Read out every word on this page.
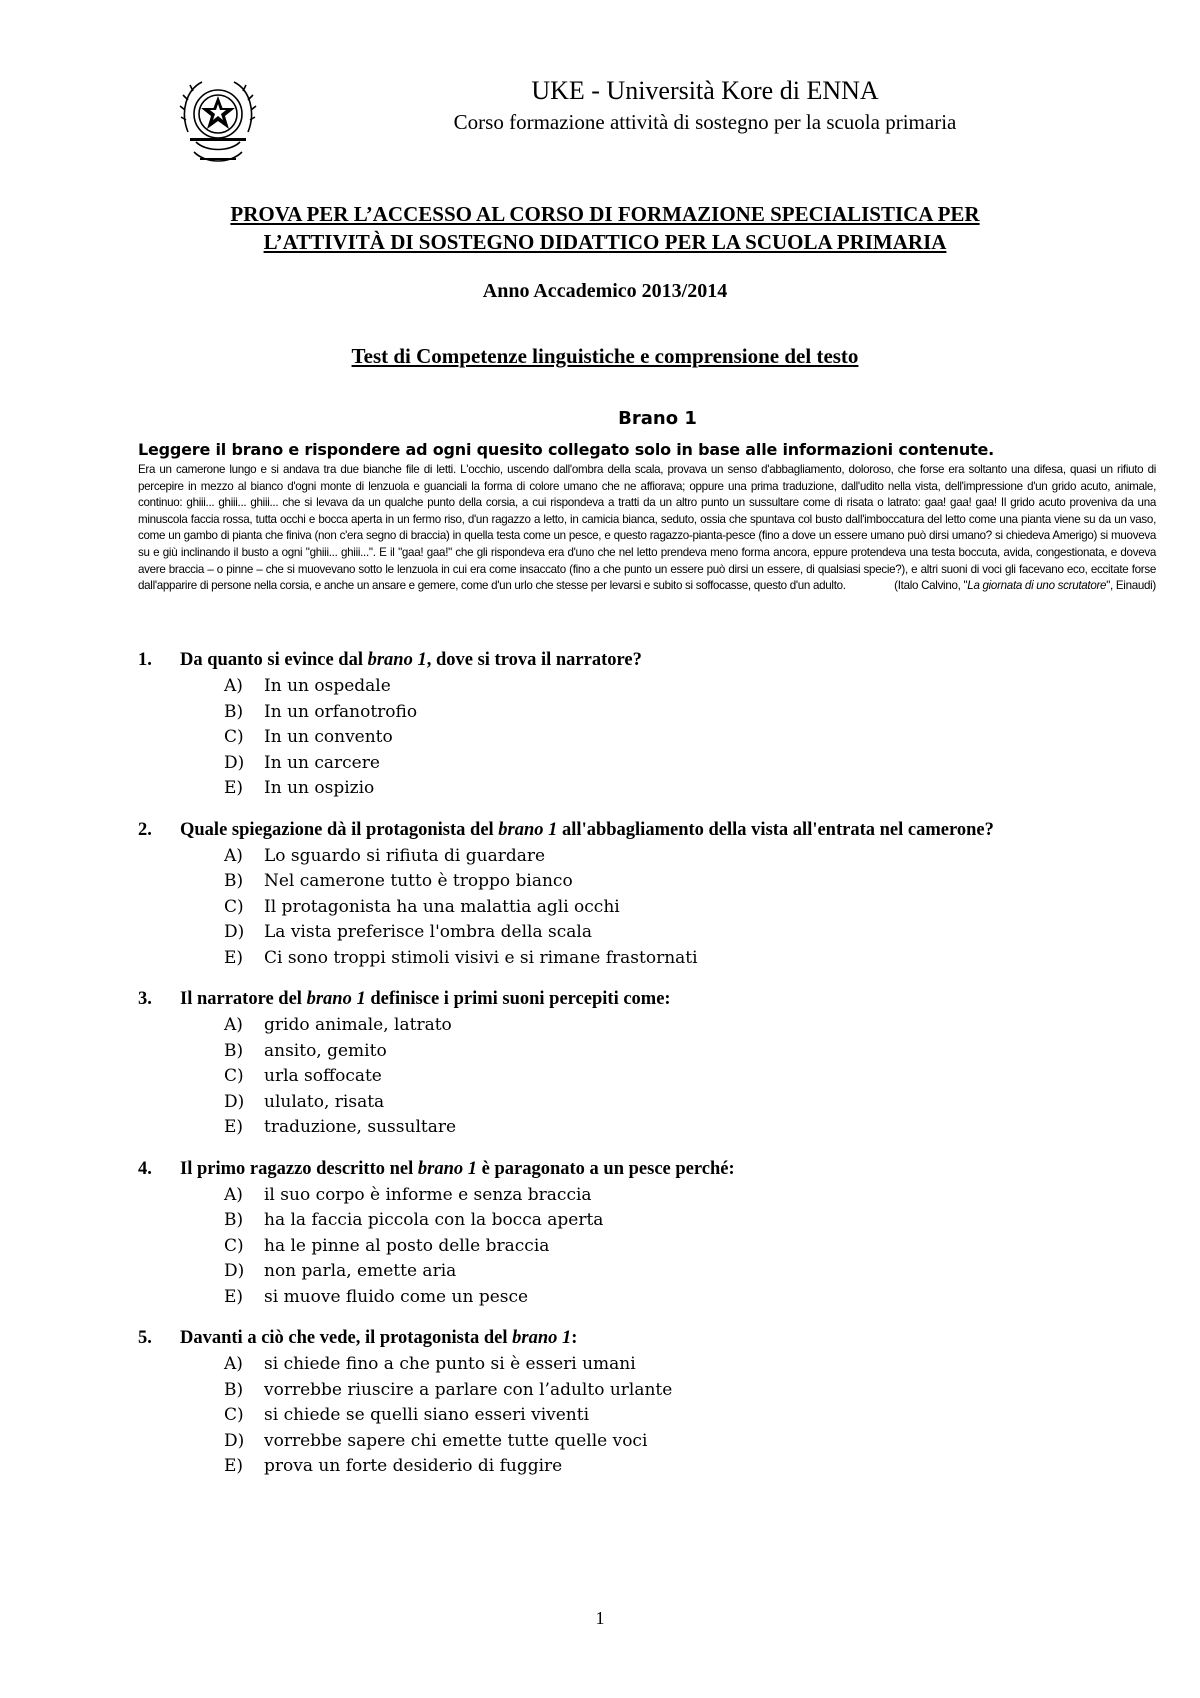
UKE - Università Kore di ENNA
Corso formazione attività di sostegno per la scuola primaria
PROVA PER L’ACCESSO AL CORSO DI FORMAZIONE SPECIALISTICA PER
L’ATTIVITÀ DI SOSTEGNO DIDATTICO PER LA SCUOLA PRIMARIA
Anno Accademico 2013/2014
Test di Competenze linguistiche e comprensione del testo
Brano 1
Leggere il brano e rispondere ad ogni quesito collegato solo in base alle informazioni contenute.
Era un camerone lungo e si andava tra due bianche file di letti. L'occhio, uscendo dall'ombra della scala, provava un senso d'abbagliamento, doloroso, che forse era soltanto una difesa, quasi un rifiuto di percepire in mezzo al bianco d'ogni monte di lenzuola e guanciali la forma di colore umano che ne affiorava; oppure una prima traduzione, dall'udito nella vista, dell'impressione d'un grido acuto, animale, continuo: ghiii... ghiii... ghiii... che si levava da un qualche punto della corsia, a cui rispondeva a tratti da un altro punto un sussultare come di risata o latrato: gaa! gaa! gaa! Il grido acuto proveniva da una minuscola faccia rossa, tutta occhi e bocca aperta in un fermo riso, d'un ragazzo a letto, in camicia bianca, seduto, ossia che spuntava col busto dall'imboccatura del letto come una pianta viene su da un vaso, come un gambo di pianta che finiva (non c'era segno di braccia) in quella testa come un pesce, e questo ragazzo-pianta-pesce (fino a dove un essere umano può dirsi umano? si chiedeva Amerigo) si muoveva su e giù inclinando il busto a ogni "ghiii... ghiii...". E il "gaa! gaa!" che gli rispondeva era d'uno che nel letto prendeva meno forma ancora, eppure protendeva una testa boccuta, avida, congestionata, e doveva avere braccia – o pinne – che si muovevano sotto le lenzuola in cui era come insaccato (fino a che punto un essere può dirsi un essere, di qualsiasi specie?), e altri suoni di voci gli facevano eco, eccitate forse dall'apparire di persone nella corsia, e anche un ansare e gemere, come d'un urlo che stesse per levarsi e subito si soffocasse, questo d'un adulto.	(Italo Calvino, "La giornata di uno scrutatore", Einaudi)
1. Da quanto si evince dal brano 1, dove si trova il narratore?
A) In un ospedale
B) In un orfanotrofio
C) In un convento
D) In un carcere
E) In un ospizio
2. Quale spiegazione dà il protagonista del brano 1 all'abbagliamento della vista all'entrata nel camerone?
A) Lo sguardo si rifiuta di guardare
B) Nel camerone tutto è troppo bianco
C) Il protagonista ha una malattia agli occhi
D) La vista preferisce l'ombra della scala
E) Ci sono troppi stimoli visivi e si rimane frastornati
3. Il narratore del brano 1 definisce i primi suoni percepiti come:
A) grido animale, latrato
B) ansito, gemito
C) urla soffocate
D) ululato, risata
E) traduzione, sussultare
4. Il primo ragazzo descritto nel brano 1 è paragonato a un pesce perché:
A) il suo corpo è informe e senza braccia
B) ha la faccia piccola con la bocca aperta
C) ha le pinne al posto delle braccia
D) non parla, emette aria
E) si muove fluido come un pesce
5. Davanti a ciò che vede, il protagonista del brano 1:
A) si chiede fino a che punto si è esseri umani
B) vorrebbe riuscire a parlare con l’adulto urlante
C) si chiede se quelli siano esseri viventi
D) vorrebbe sapere chi emette tutte quelle voci
E) prova un forte desiderio di fuggire
1
